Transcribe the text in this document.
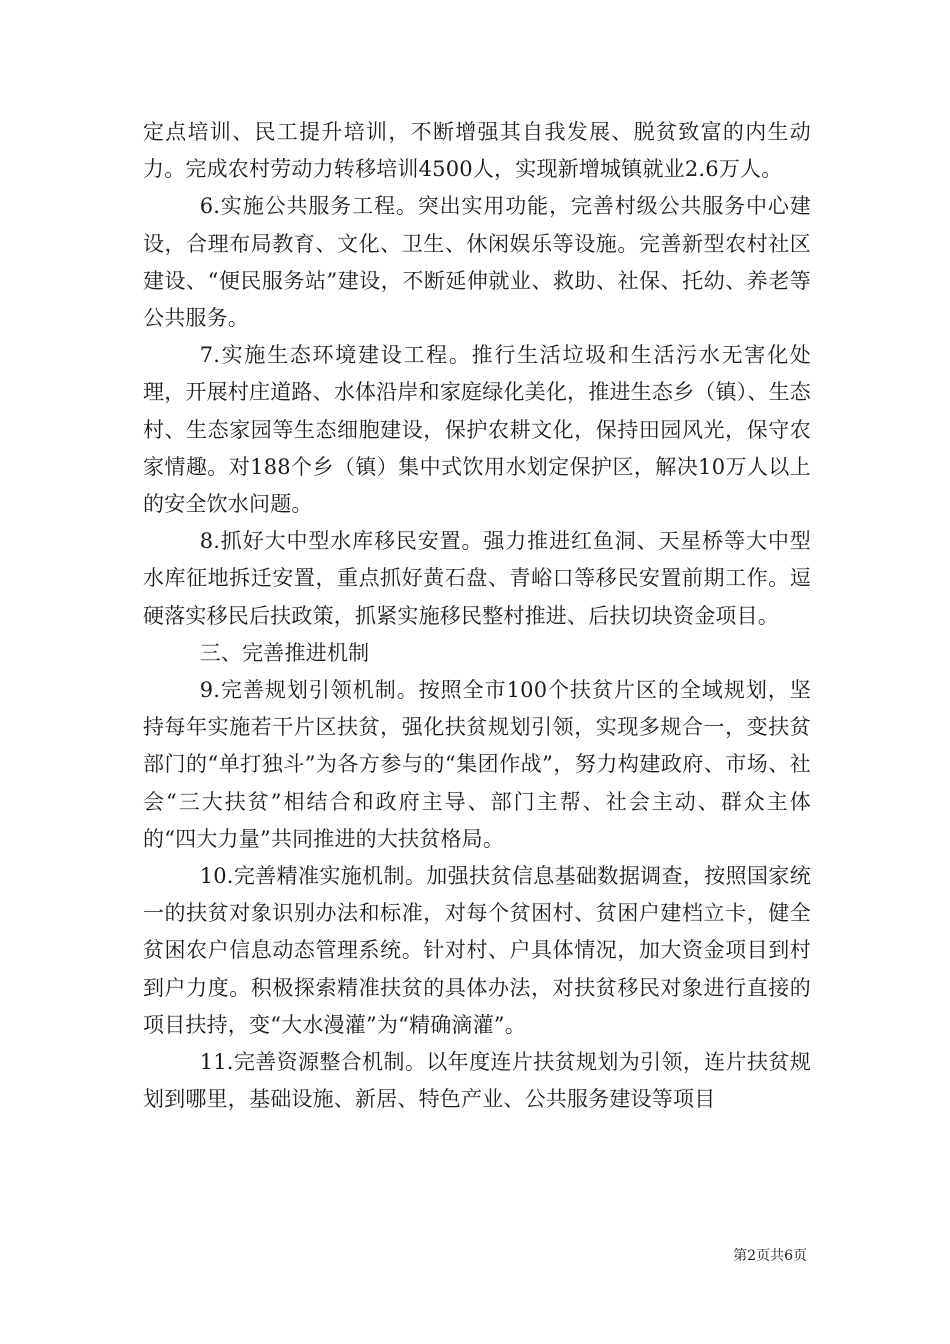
定点培训、民工提升培训，不断增强其自我发展、脱贫致富的内生动力。完成农村劳动力转移培训4500人，实现新增城镇就业2.6万人。

6.实施公共服务工程。突出实用功能，完善村级公共服务中心建设，合理布局教育、文化、卫生、休闲娱乐等设施。完善新型农村社区建设、“便民服务站”建设，不断延伸就业、救助、社保、托幼、养老等公共服务。

7.实施生态环境建设工程。推行生活垃圾和生活污水无害化处理，开展村庄道路、水体沿岸和家庭绿化美化，推进生态乡（镇）、生态村、生态家园等生态细胞建设，保护农耕文化，保持田园风光，保守农家情趣。对188个乡（镇）集中式饮用水划定保护区，解决10万人以上的安全饮水问题。

8.抓好大中型水库移民安置。强力推进红鱼洞、天星桥等大中型水库征地拆迁安置，重点抓好黄石盘、青峪口等移民安置前期工作。逗硬落实移民后扶政策，抓紧实施移民整村推进、后扶切块资金项目。

三、完善推进机制

9.完善规划引领机制。按照全市100个扶贫片区的全域规划，坚持每年实施若干片区扶贫，强化扶贫规划引领，实现多规合一，变扶贫部门的“单打独斗”为各方参与的“集团作战”，努力构建政府、市场、社会“三大扶贫”相结合和政府主导、部门主帮、社会主动、群众主体的“四大力量”共同推进的大扶贫格局。

10.完善精准实施机制。加强扶贫信息基础数据调查，按照国家统一的扶贫对象识别办法和标准，对每个贫困村、贫困户建档立卡，健全贫困农户信息动态管理系统。针对村、户具体情况，加大资金项目到村到户力度。积极探索精准扶贫的具体办法，对扶贫移民对象进行直接的项目扶持，变“大水漫灌”为“精确滴灌”。

11.完善资源整合机制。以年度连片扶贫规划为引领，连片扶贫规划到哪里，基础设施、新居、特色产业、公共服务建设等项目

第2页共6页
